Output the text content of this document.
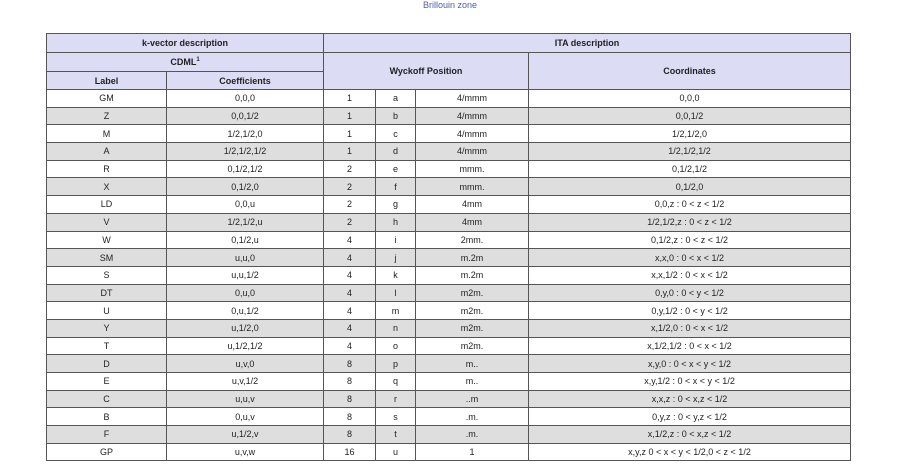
Brillouin zone
k-vector description		ITA description			
CDML$^1$		Wyckoff Position			Coordinates
Label	Coefficients				
GM	0,0,0	1	a	4/mmm	0,0,0
Z	0,0,1/2	1	b	4/mmm	0,0,1/2
M	1/2,1/2,0	1	c	4/mmm	1/2,1/2,0
A	1/2,1/2,1/2	1	d	4/mmm	1/2,1/2,1/2
R	0,1/2,1/2	2	e	mmm.	0,1/2,1/2
X	0,1/2,0	2	f	mmm.	0,1/2,0
LD	0,0,u	2	g	4mm	0,0,z : 0 < z < 1/2
V	1/2,1/2,u	2	h	4mm	1/2,1/2,z : 0 < z < 1/2
W	0,1/2,u	4	i	2mm.	0,1/2,z : 0 < z < 1/2
SM	u,u,0	4	j	m.2m	x,x,0 : 0 < x < 1/2
S	u,u,1/2	4	k	m.2m	x,x,1/2 : 0 < x < 1/2
DT	0,u,0	4	l	m2m.	0,y,0 : 0 < y < 1/2
U	0,u,1/2	4	m	m2m.	0,y,1/2 : 0 < y < 1/2
Y	u,1/2,0	4	n	m2m.	x,1/2,0 : 0 < x < 1/2
T	u,1/2,1/2	4	o	m2m.	x,1/2,1/2 : 0 < x < 1/2
D	u,v,0	8	p	m..	x,y,0 : 0 < x < y < 1/2
E	u,v,1/2	8	q	m..	x,y,1/2 : 0 < x < y < 1/2
C	u,u,v	8	r	..m	x,x,z : 0 < x,z < 1/2
B	0,u,v	8	s	.m.	0,y,z : 0 < y,z < 1/2
F	u,1/2,v	8	t	.m.	x,1/2,z : 0 < x,z < 1/2
GP	u,v,w	16	u	1	x,y,z 0 < x < y < 1/2,0 < z < 1/2
